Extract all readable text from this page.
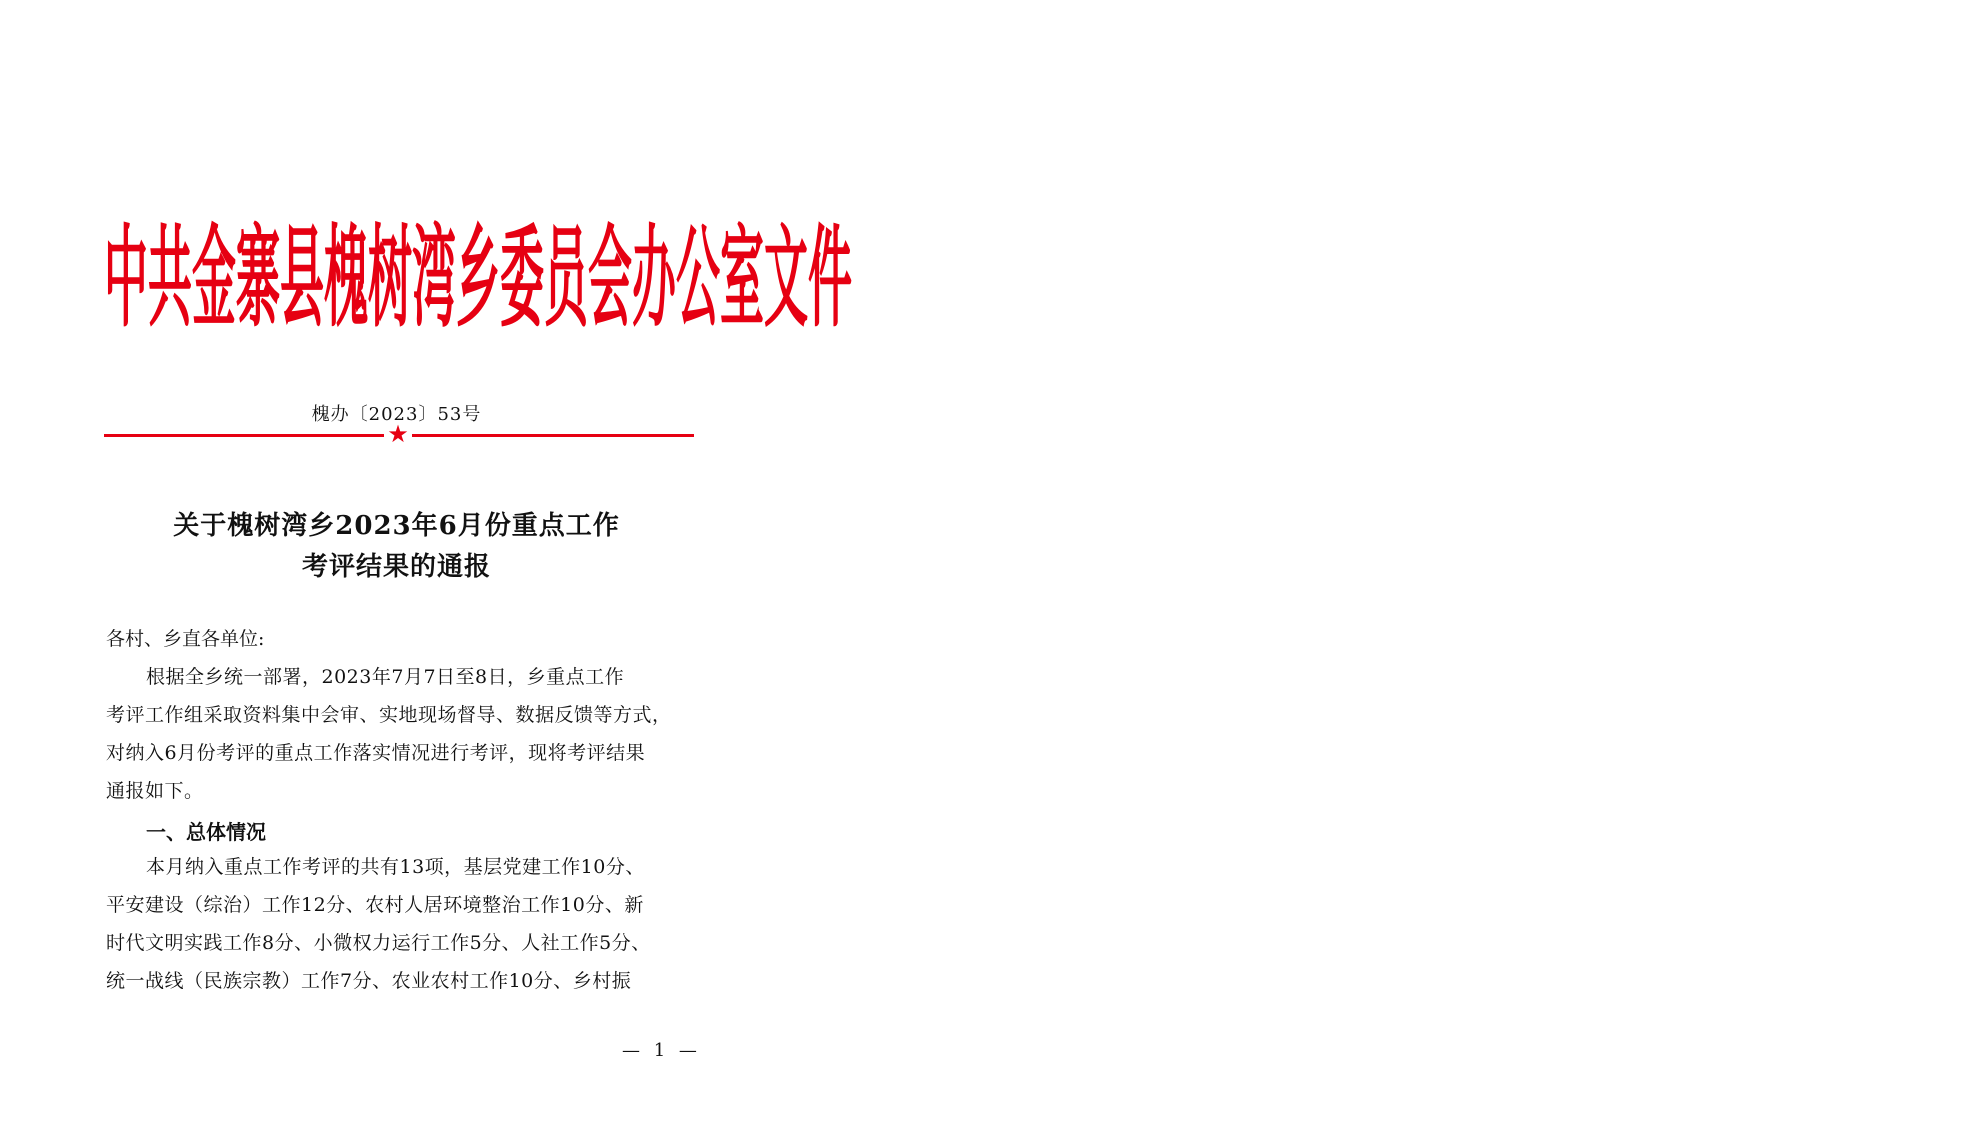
中共金寨县槐树湾乡委员会办公室文件
槐办〔2023〕53号
★
关于槐树湾乡2023年6月份重点工作
考评结果的通报
各村、乡直各单位:
根据全乡统一部署，2023年7月7日至8日，乡重点工作
考评工作组采取资料集中会审、实地现场督导、数据反馈等方式，
对纳入6月份考评的重点工作落实情况进行考评，现将考评结果
通报如下。
一、总体情况
本月纳入重点工作考评的共有13项，基层党建工作10分、
平安建设（综治）工作12分、农村人居环境整治工作10分、新
时代文明实践工作8分、小微权力运行工作5分、人社工作5分、
统一战线（民族宗教）工作7分、农业农村工作10分、乡村振
— 1 —
